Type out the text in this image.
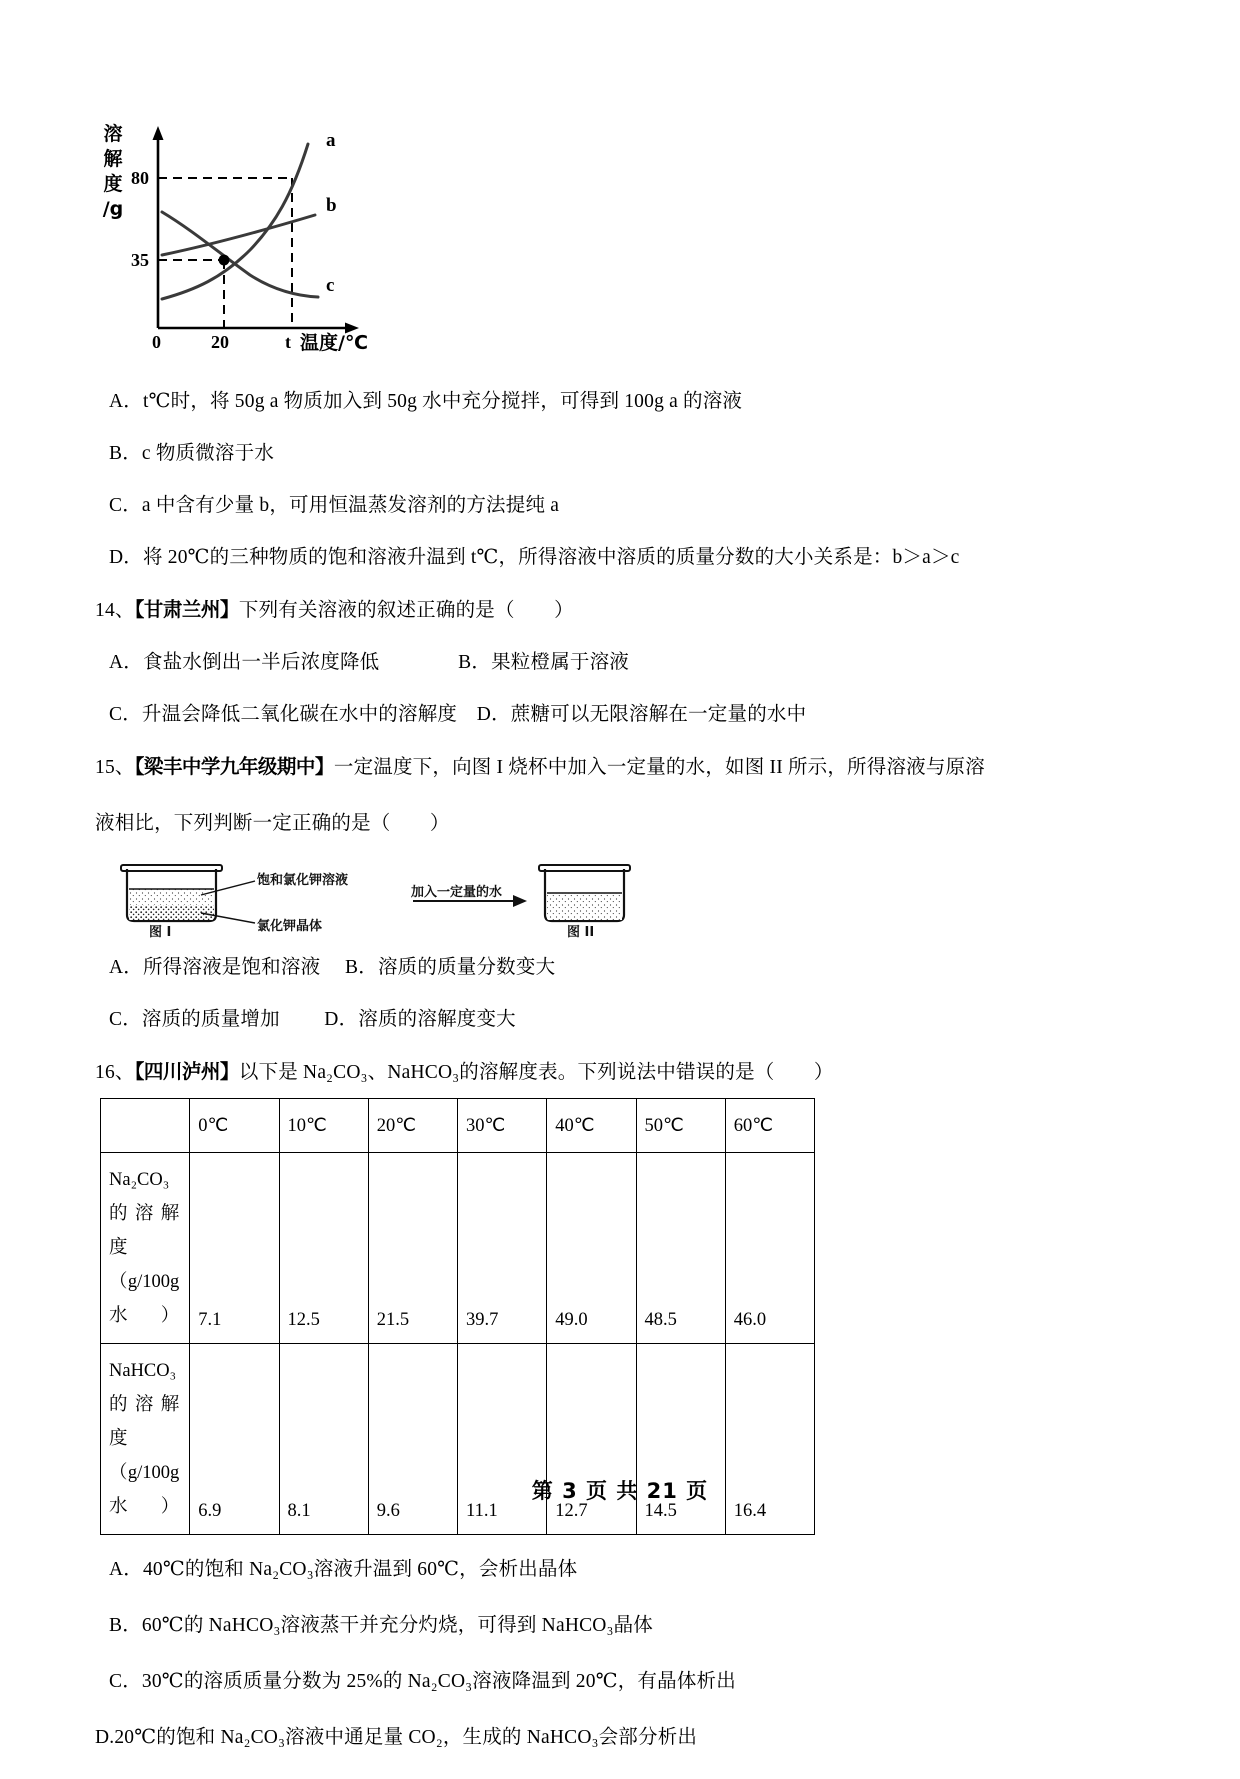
溶
解
度
/g
80
35
0	20	t 温度/℃
a
b
c

A．t℃时，将 50g a 物质加入到 50g 水中充分搅拌，可得到 100g a 的溶液

B．c 物质微溶于水

C．a 中含有少量 b，可用恒温蒸发溶剂的方法提纯 a

D．将 20℃的三种物质的饱和溶液升温到 t℃，所得溶液中溶质的质量分数的大小关系是：b＞a＞c

14、【甘肃兰州】下列有关溶液的叙述正确的是（　　）

A．食盐水倒出一半后浓度降低　　　　B．果粒橙属于溶液

C．升温会降低二氧化碳在水中的溶解度　D．蔗糖可以无限溶解在一定量的水中

15、【梁丰中学九年级期中】一定温度下，向图 I 烧杯中加入一定量的水，如图 II 所示，所得溶液与原溶

液相比，下列判断一定正确的是（　　）

饱和氯化钾溶液
氯化钾晶体
加入一定量的水
图 I	图 II

A．所得溶液是饱和溶液　 B．溶质的质量分数变大

C．溶质的质量增加　　 D．溶质的溶解度变大

16、【四川泸州】以下是 Na₂CO₃、NaHCO₃的溶解度表。下列说法中错误的是（　　）

	0℃	10℃	20℃	30℃	40℃	50℃	60℃
Na₂CO₃的溶解度（g/100g水）	7.1	12.5	21.5	39.7	49.0	48.5	46.0
NaHCO₃的溶解度（g/100g水）	6.9	8.1	9.6	11.1	12.7	14.5	16.4

A．40℃的饱和 Na₂CO₃溶液升温到 60℃，会析出晶体

B．60℃的 NaHCO₃溶液蒸干并充分灼烧，可得到 NaHCO₃晶体

C．30℃的溶质质量分数为 25%的 Na₂CO₃溶液降温到 20℃，有晶体析出

D.20℃的饱和 Na₂CO₃溶液中通足量 CO₂，生成的 NaHCO₃会部分析出

第 3 页 共 21 页
